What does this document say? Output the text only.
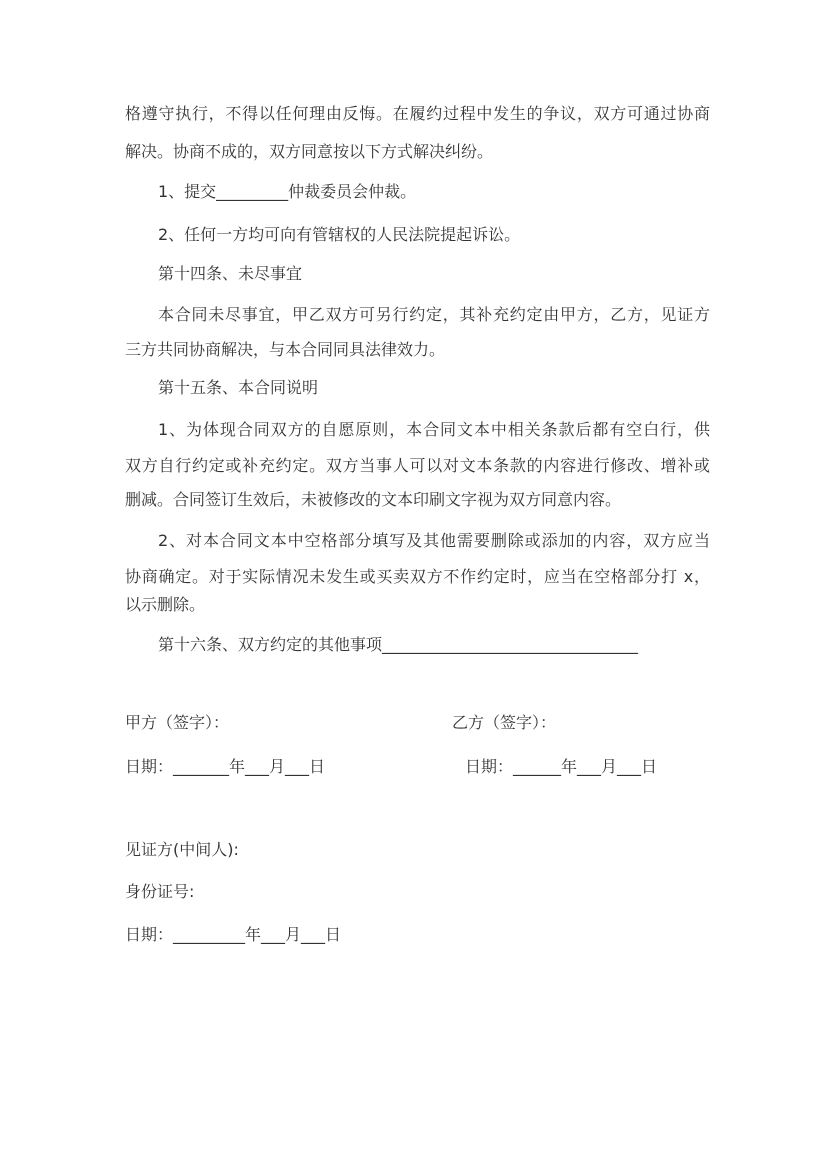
格遵守执行，不得以任何理由反悔。在履约过程中发生的争议，双方可通过协商
解决。协商不成的，双方同意按以下方式解决纠纷。
1、提交_________仲裁委员会仲裁。
2、任何一方均可向有管辖权的人民法院提起诉讼。
第十四条、未尽事宜
本合同未尽事宜，甲乙双方可另行约定，其补充约定由甲方，乙方，见证方
三方共同协商解决，与本合同同具法律效力。
第十五条、本合同说明
1、为体现合同双方的自愿原则，本合同文本中相关条款后都有空白行，供
双方自行约定或补充约定。双方当事人可以对文本条款的内容进行修改、增补或
删减。合同签订生效后，未被修改的文本印刷文字视为双方同意内容。
2、对本合同文本中空格部分填写及其他需要删除或添加的内容，双方应当
协商确定。对于实际情况未发生或买卖双方不作约定时，应当在空格部分打 x，
以示删除。
第十六条、双方约定的其他事项________________________________
甲方（签字）：	乙方（签字）：
日期：_______年___月___日	日期：______年___月___日
见证方(中间人):
身份证号:
日期：_________年___月___日
